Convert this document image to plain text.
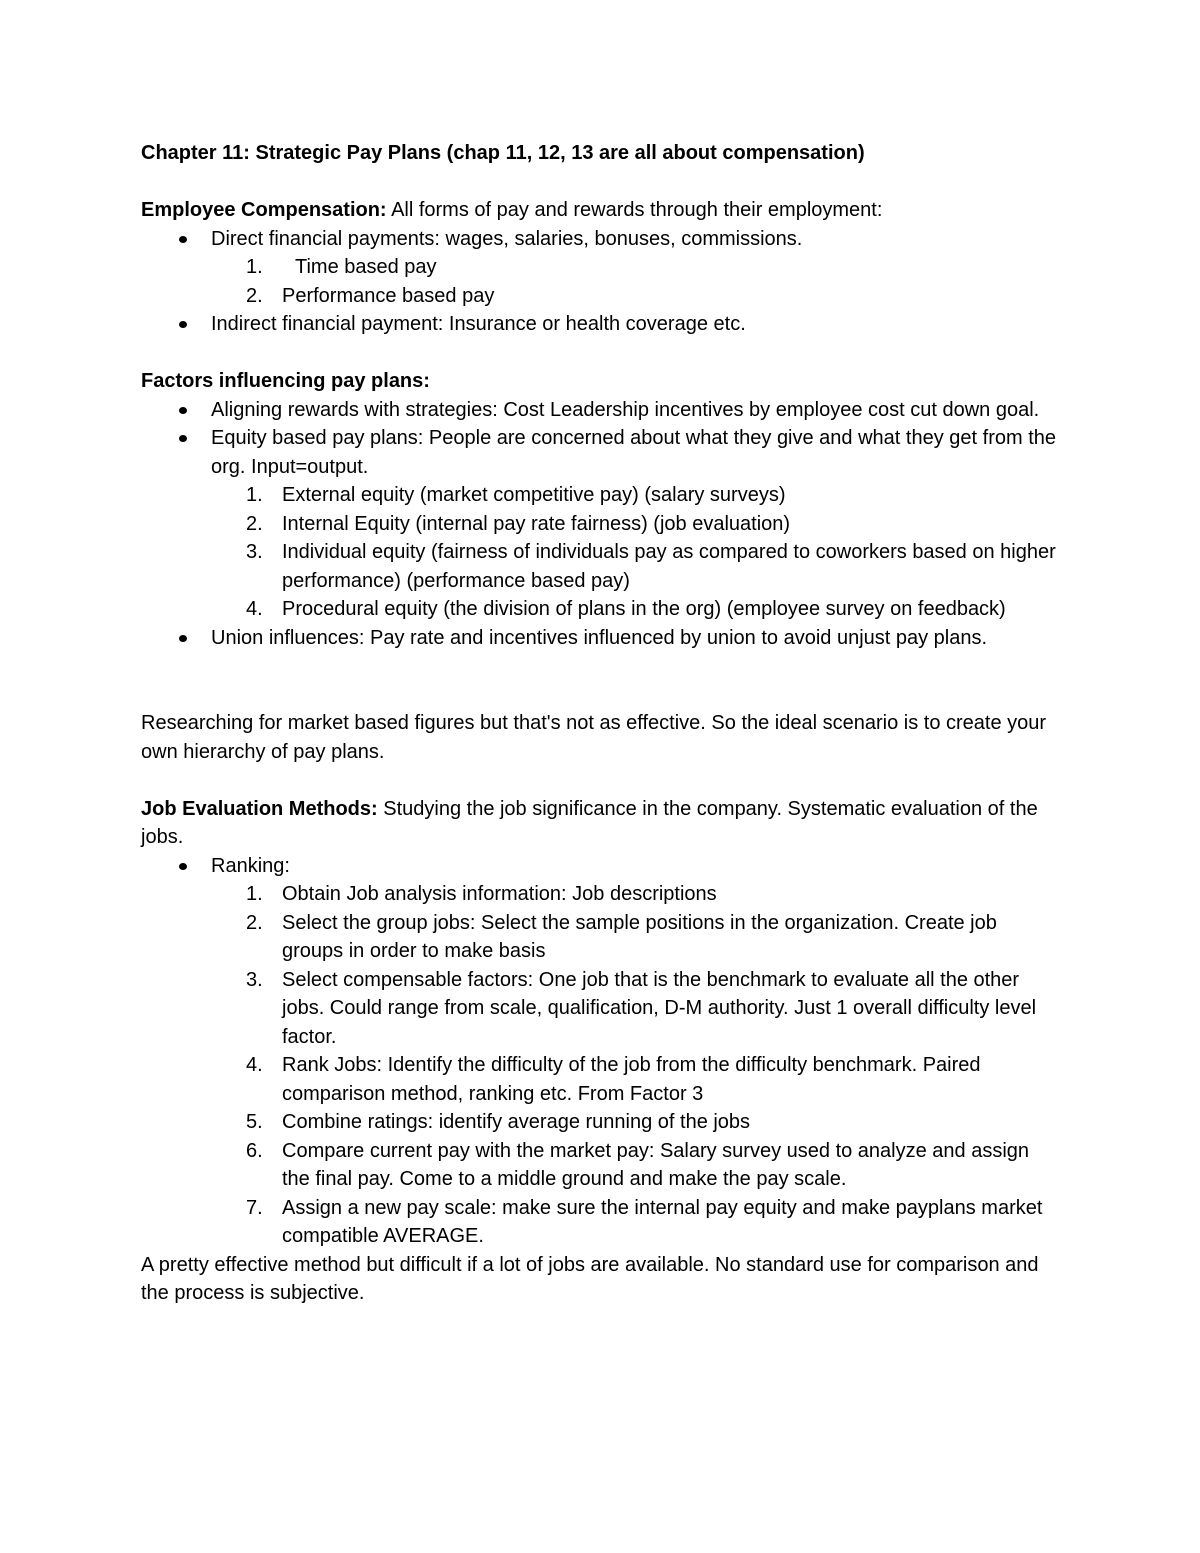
Chapter 11: Strategic Pay Plans (chap 11, 12, 13 are all about compensation)

Employee Compensation: All forms of pay and rewards through their employment:

Direct financial payments: wages, salaries, bonuses, commissions.
1. Time based pay
2. Performance based pay
Indirect financial payment: Insurance or health coverage etc.

Factors influencing pay plans:

Aligning rewards with strategies: Cost Leadership incentives by employee cost cut down goal.
Equity based pay plans: People are concerned about what they give and what they get from the org. Input=output.
1. External equity (market competitive pay) (salary surveys)
2. Internal Equity (internal pay rate fairness) (job evaluation)
3. Individual equity (fairness of individuals pay as compared to coworkers based on higher performance) (performance based pay)
4. Procedural equity (the division of plans in the org) (employee survey on feedback)
Union influences: Pay rate and incentives influenced by union to avoid unjust pay plans.

Researching for market based figures but that's not as effective. So the ideal scenario is to create your own hierarchy of pay plans.

Job Evaluation Methods: Studying the job significance in the company. Systematic evaluation of the jobs.

Ranking:
1. Obtain Job analysis information: Job descriptions
2. Select the group jobs: Select the sample positions in the organization. Create job groups in order to make basis
3. Select compensable factors: One job that is the benchmark to evaluate all the other jobs. Could range from scale, qualification, D-M authority. Just 1 overall difficulty level factor.
4. Rank Jobs: Identify the difficulty of the job from the difficulty benchmark. Paired comparison method, ranking etc. From Factor 3
5. Combine ratings: identify average running of the jobs
6. Compare current pay with the market pay: Salary survey used to analyze and assign the final pay. Come to a middle ground and make the pay scale.
7. Assign a new pay scale: make sure the internal pay equity and make payplans market compatible AVERAGE.

A pretty effective method but difficult if a lot of jobs are available. No standard use for comparison and the process is subjective.
